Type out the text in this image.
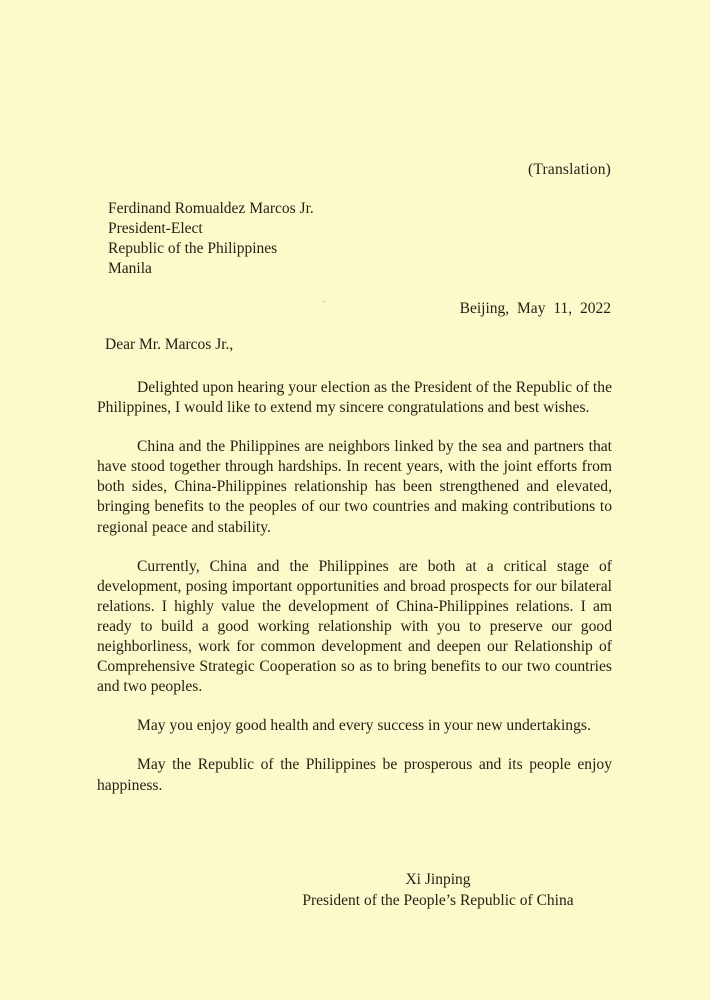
(Translation)
Ferdinand Romualdez Marcos Jr.
President-Elect
Republic of the Philippines
Manila
Beijing, May 11, 2022
Dear Mr. Marcos Jr.,

Delighted upon hearing your election as the President of the Republic of the Philippines, I would like to extend my sincere congratulations and best wishes.

China and the Philippines are neighbors linked by the sea and partners that have stood together through hardships. In recent years, with the joint efforts from both sides, China-Philippines relationship has been strengthened and elevated, bringing benefits to the peoples of our two countries and making contributions to regional peace and stability.

Currently, China and the Philippines are both at a critical stage of development, posing important opportunities and broad prospects for our bilateral relations. I highly value the development of China-Philippines relations. I am ready to build a good working relationship with you to preserve our good neighborliness, work for common development and deepen our Relationship of Comprehensive Strategic Cooperation so as to bring benefits to our two countries and two peoples.

May you enjoy good health and every success in your new undertakings.

May the Republic of the Philippines be prosperous and its people enjoy happiness.

Xi Jinping
President of the People’s Republic of China
